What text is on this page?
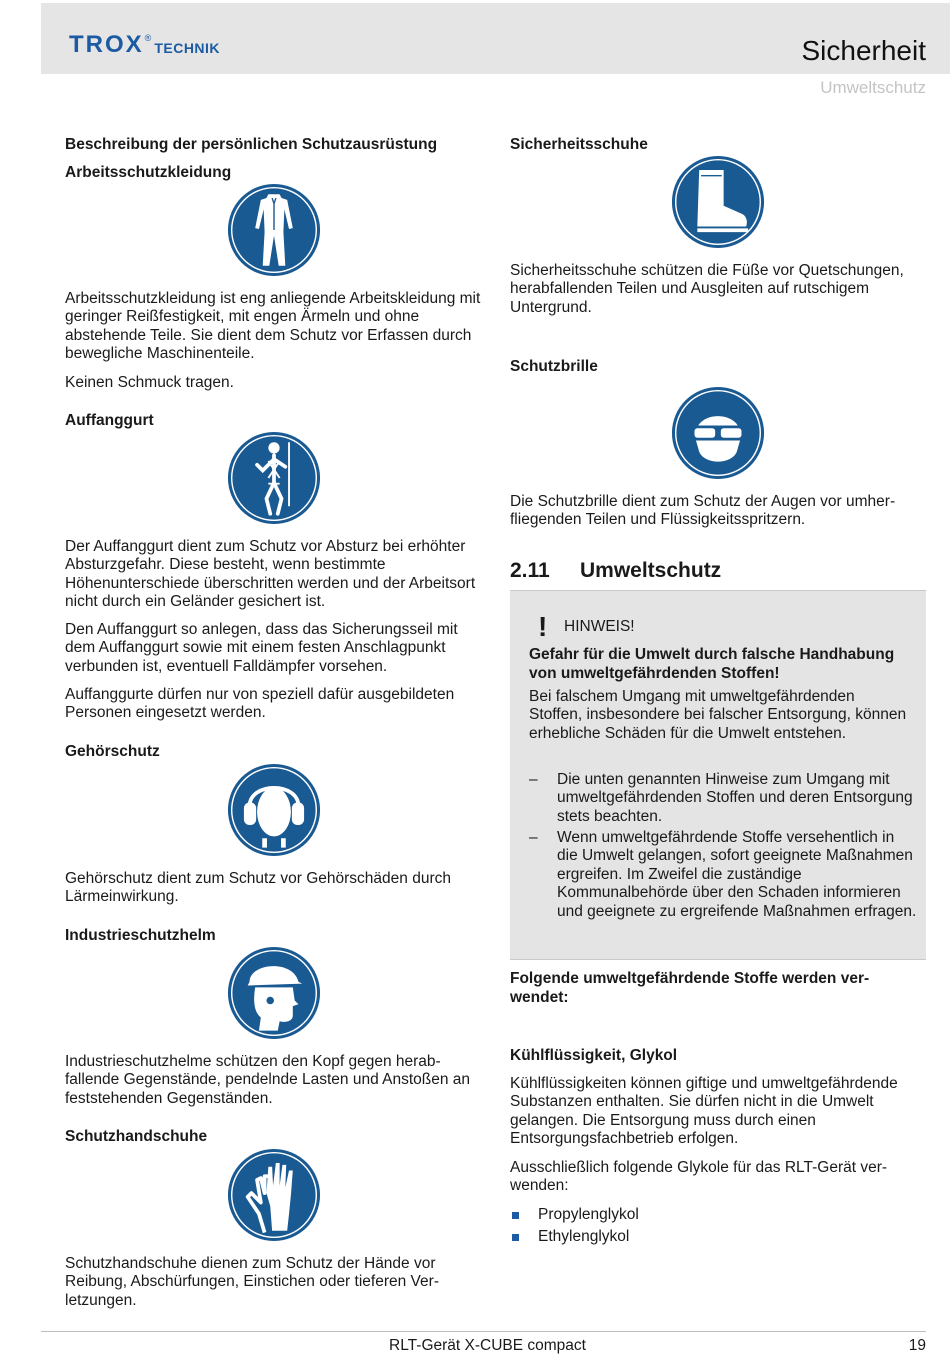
TROX ®
TECHNIK	Sicherheit
Umweltschutz
Beschreibung der persönlichen Schutzausrüstung
Arbeitsschutzkleidung
Arbeitsschutzkleidung ist eng anliegende Arbeitskleidung mit geringer Reißfestigkeit, mit engen Ärmeln und ohne abstehende Teile. Sie dient dem Schutz vor Erfassen durch bewegliche Maschinenteile.
Keinen Schmuck tragen.
Auffanggurt
Der Auffanggurt dient zum Schutz vor Absturz bei erhöhter Absturzgefahr. Diese besteht, wenn bestimmte Höhenunterschiede überschritten werden und der Arbeitsort nicht durch ein Geländer gesichert ist.
Den Auffanggurt so anlegen, dass das Sicherungsseil mit dem Auffanggurt sowie mit einem festen Anschlagpunkt verbunden ist, eventuell Falldämpfer vorsehen.
Auffanggurte dürfen nur von speziell dafür ausgebildeten Personen eingesetzt werden.
Gehörschutz
Gehörschutz dient zum Schutz vor Gehörschäden durch Lärmeinwirkung.
Industrieschutzhelm
Industrieschutzhelme schützen den Kopf gegen herabfallende Gegenstände, pendelnde Lasten und Anstoßen an feststehenden Gegenständen.
Schutzhandschuhe
Schutzhandschuhe dienen zum Schutz der Hände vor Reibung, Abschürfungen, Einstichen oder tieferen Verletzungen.
Sicherheitsschuhe
Sicherheitsschuhe schützen die Füße vor Quetschungen, herabfallenden Teilen und Ausgleiten auf rutschigem Untergrund.
Schutzbrille
Die Schutzbrille dient zum Schutz der Augen vor umherfliegenden Teilen und Flüssigkeitsspritzern.
2.11 Umweltschutz
! HINWEIS!
Gefahr für die Umwelt durch falsche Handhabung von umweltgefährdenden Stoffen!
Bei falschem Umgang mit umweltgefährdenden Stoffen, insbesondere bei falscher Entsorgung, können erhebliche Schäden für die Umwelt entstehen.
– Die unten genannten Hinweise zum Umgang mit umweltgefährdenden Stoffen und deren Entsorgung stets beachten.
– Wenn umweltgefährdende Stoffe versehentlich in die Umwelt gelangen, sofort geeignete Maßnahmen ergreifen. Im Zweifel die zuständige Kommunalbehörde über den Schaden informieren und geeignete zu ergreifende Maßnahmen erfragen.
Folgende umweltgefährdende Stoffe werden verwendet:
Kühlflüssigkeit, Glykol
Kühlflüssigkeiten können giftige und umweltgefährdende Substanzen enthalten. Sie dürfen nicht in die Umwelt gelangen. Die Entsorgung muss durch einen Entsorgungsfachbetrieb erfolgen.
Ausschließlich folgende Glykole für das RLT-Gerät verwenden:
Propylenglykol
Ethylenglykol
RLT-Gerät X-CUBE compact	19
